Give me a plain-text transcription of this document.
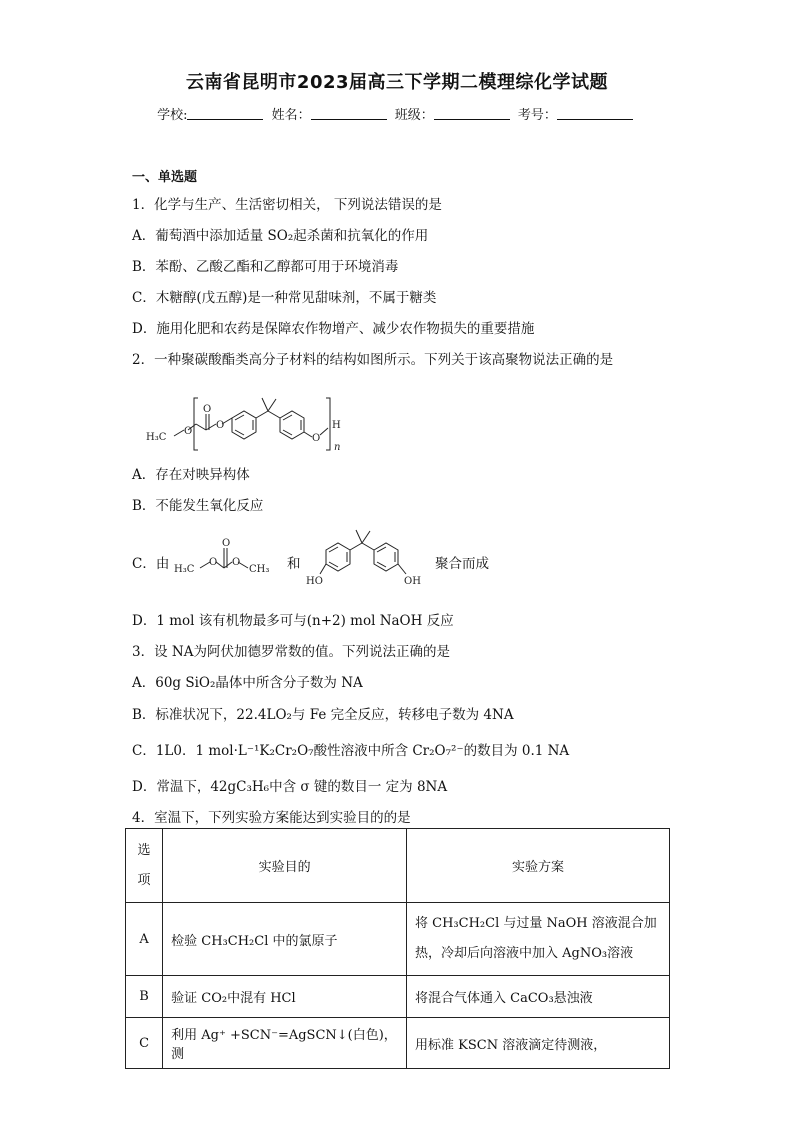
云南省昆明市2023届高三下学期二模理综化学试题
学校:	姓名：	班级：	考号：
一、单选题
1．化学与生产、生活密切相关， 下列说法错误的是
A．葡萄酒中添加适量 SO₂起杀菌和抗氧化的作用
B．苯酚、乙酸乙酯和乙醇都可用于环境消毒
C．木糖醇(戊五醇)是一种常见甜味剂，不属于糖类
D．施用化肥和农药是保障农作物增产、减少农作物损失的重要措施
2．一种聚碳酸酯类高分子材料的结构如图所示。下列关于该高聚物说法正确的是
H₃C
O
O
O
O
H
n
A．存在对映异构体
B．不能发生氧化反应
C．由 H₃C
O
O
O
CH₃ 和
HO	OH
聚合而成
D．1 mol 该有机物最多可与(n+2) mol NaOH 反应
3．设 NA为阿伏加德罗常数的值。下列说法正确的是
A．60g SiO₂晶体中所含分子数为 NA
B．标准状况下，22.4LO₂与 Fe 完全反应，转移电子数为 4NA
C．1L0．1 mol·L⁻¹K₂Cr₂O₇酸性溶液中所含 Cr₂O₇²⁻的数目为 0.1 NA
D．常温下，42gC₃H₆中含 σ 键的数目一 定为 8NA
4．室温下，下列实验方案能达到实验目的的是
选项	实验目的	实验方案
A	检验 CH₃CH₂Cl 中的氯原子	将 CH₃CH₂Cl 与过量 NaOH 溶液混合加热，冷却后向溶液中加入 AgNO₃溶液
B	验证 CO₂中混有 HCl	将混合气体通入 CaCO₃悬浊液
C	利用 Ag⁺ +SCN⁻=AgSCN↓(白色)， 测	用标准 KSCN 溶液滴定待测液，
